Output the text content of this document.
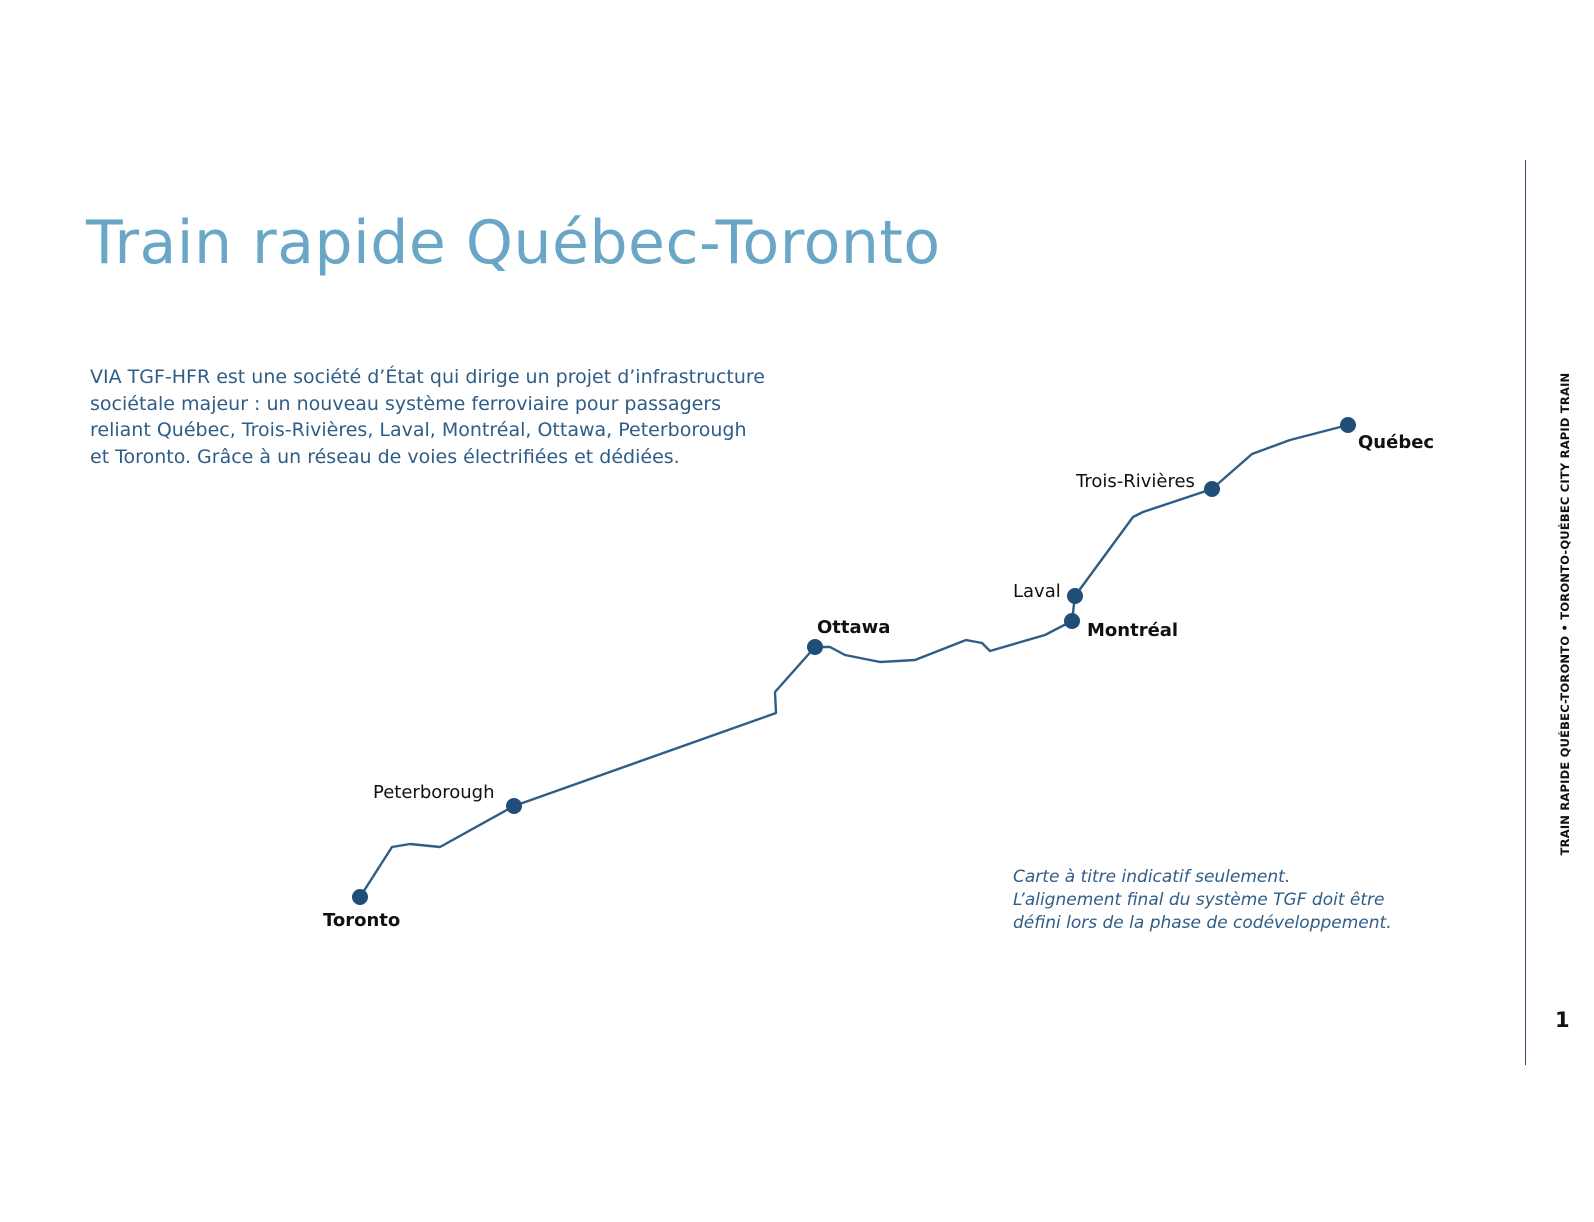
Train rapide Québec-Toronto

VIA TGF-HFR est une société d’État qui dirige un projet d’infrastructure
sociétale majeur : un nouveau système ferroviaire pour passagers
reliant Québec, Trois-Rivières, Laval, Montréal, Ottawa, Peterborough
et Toronto. Grâce à un réseau de voies électrifiées et dédiées.

Toronto
Peterborough
Ottawa	Montréal
Laval
Trois-Rivières
Québec

Carte à titre indicatif seulement.
L’alignement final du système TGF doit être
défini lors de la phase de codéveloppement.

TRAIN RAPIDE QUÉBEC-TORONTO • TORONTO-QUÉBEC CITY RAPID TRAIN
1
